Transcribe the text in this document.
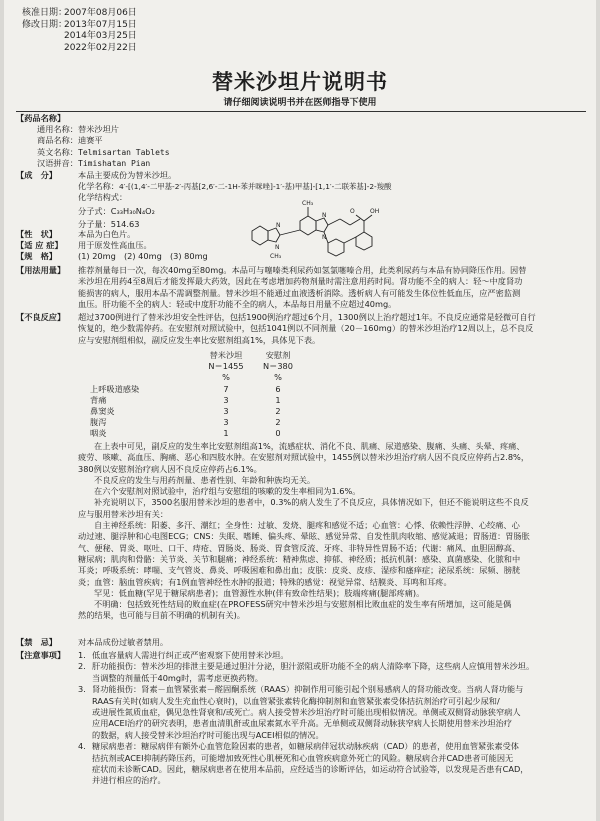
核准日期：2007年08月06日
修改日期：2013年07月15日
2014年03月25日
2022年02月22日
替米沙坦片说明书
请仔细阅读说明书并在医师指导下使用
【药品名称】
通用名称：替米沙坦片
商品名称：迪赛平
英文名称：Telmisartan Tablets
汉语拼音：Timishatan Pian
【成　分】	本品主要成份为替米沙坦。
化学名称：4′-[(1,4′-二甲基-2′-丙基[2,6′-二-1H-苯并咪唑]-1′-基)甲基]-[1,1′-二联苯基]-2-羧酸
化学结构式：
分子式：C₃₃H₃₀N₄O₂
分子量：514.63	N
N
CH₃
CH₃
N
N
OH
O
【性　状】	本品为白色片。
【适 应 症】 用于原发性高血压。
【规　格】	(1) 20mg　(2) 40mg　(3) 80mg
【用法用量】 推荐剂量每日一次，每次40mg至80mg。本品可与噻嗪类利尿药如氢氯噻嗪合用，此类利尿药与本品有协同降压作用。因替
米沙坦在用药4至8周后才能发挥最大药效，因此在考虑增加药物剂量时需注意用药时间。肾功能不全的病人：轻～中度肾功
能损害的病人，服用本品不需调整剂量。替米沙坦不能通过血液透析消除。透析病人有可能发生体位性低血压，应严密监测
血压。肝功能不全的病人：轻或中度肝功能不全的病人，本品每日用量不应超过40mg。
【不良反应】 超过3700例进行了替米沙坦安全性评估，包括1900例治疗超过6个月，1300例以上治疗超过1年。不良反应通常是轻微可自行
恢复的，绝少数需停药。在安慰剂对照试验中，包括1041例以不同剂量（20－160mg）的替米沙坦治疗12周以上，总不良反
应与安慰剂组相似，副反应发生率比安慰剂组高1%，具体见下表。
	替米沙坦	安慰剂
	N＝1455	N＝380
	%	%
上呼吸道感染	7	6
背痛	3	1
鼻窦炎	3	2
腹泻	3	2
咽炎	1	0
在上表中可见，副反应的发生率比安慰剂组高1%，流感症状、消化不良、肌痛、尿道感染、腹痛、头痛、头晕、疼痛、
疲劳、咳嗽、高血压、胸痛、恶心和四肢水肿。在安慰剂对照试验中，1455例以替米沙坦治疗病人因不良反应停药占2.8%，
380例以安慰剂治疗病人因不良反应停药占6.1%。
不良反应的发生与用药剂量、患者性别、年龄和种族均无关。
在六个安慰剂对照试验中，治疗组与安慰组的咳嗽的发生率相同为1.6%。
补充说明以下，3500名服用替米沙坦的患者中，0.3%的病人发生了不良反应，具体情况如下，但还不能说明这些不良反
应与服用替米沙坦有关：
自主神经系统：阳萎、多汗、潮红；全身性：过敏、发烧、腿疼和感觉不适；心血管：心悸、依赖性浮肿、心绞痛、心
动过速、腿浮肿和心电图ECG；CNS：失眠、嗜睡、偏头疼、晕眩、感觉异常、自发性肌肉收缩、感觉减退；胃肠道：胃肠胀
气、便秘、胃炎、呕吐、口干、痔疮、胃肠炎、肠炎、胃食管反流、牙疼、非特异性胃肠不适；代谢：痛风、血胆固醇高、
糖尿病；肌肉和骨骼：关节炎、关节和腿痛；神经系统：精神焦虑、抑郁、神经质；抵抗机制：感染、真菌感染、化脓和中
耳炎；呼吸系统：哮喘、支气管炎、鼻炎、呼吸困难和鼻出血；皮肤：皮炎、皮疹、湿疹和瘙痒症；泌尿系统：尿频、膀胱
炎；血管：脑血管疾病；有1例血管神经性水肿的报道；特殊的感觉：视觉异常、结膜炎、耳鸣和耳疼。
罕见：低血糖(罕见于糖尿病患者)；血管源性水肿(伴有致命性结果)；肢端疼痛(腿部疼痛)。
不明确：包括致死性结局的败血症(在PROFESS研究中替米沙坦与安慰剂相比败血症的发生率有所增加，这可能是偶
然的结果，也可能与目前不明确的机制有关)。
【禁　忌】	对本品成份过敏者禁用。
【注意事项】 1. 低血容量病人需进行纠正或严密观察下使用替米沙坦。
2. 肝功能损伤：替米沙坦的排泄主要是通过胆汁分泌，胆汁淤阻或肝功能不全的病人清除率下降，这些病人应慎用替米沙坦。
当调整的剂量低于40mg时，需考虑更换药物。
3. 肾功能损伤：肾素－血管紧张素－醛固酮系统（RAAS）抑制作用可能引起个别易感病人的肾功能改变。当病人肾功能与
RAAS有关时(如病人发生充血性心衰时)，以血管紧张素转化酶抑制剂和血管紧张素受体拮抗剂治疗可引起少尿和/
或进展性氮质血症，偶见急性肾衰和/或死亡。病人接受替米沙坦治疗时可能出现相似情况。单侧或双侧肾动脉狭窄病人
应用ACEI治疗的研究表明，患者血清肌酐或血尿素氮水平升高。无单侧或双侧肾动脉狭窄病人长期使用替米沙坦治疗
的数据，病人接受替米沙坦治疗时可能出现与ACEI相似的情况。
4. 糖尿病患者：糖尿病伴有额外心血管危险因素的患者，如糖尿病伴冠状动脉疾病（CAD）的患者，使用血管紧张素受体
拮抗剂或ACEI抑制药降压药，可能增加致死性心肌梗死和心血管疾病意外死亡的风险。糖尿病合并CAD患者可能因无
症状而未诊断CAD。因此，糖尿病患者在使用本品前，应经适当的诊断评估，如运动符合试验等，以发现是否患有CAD，
并进行相应的治疗。
